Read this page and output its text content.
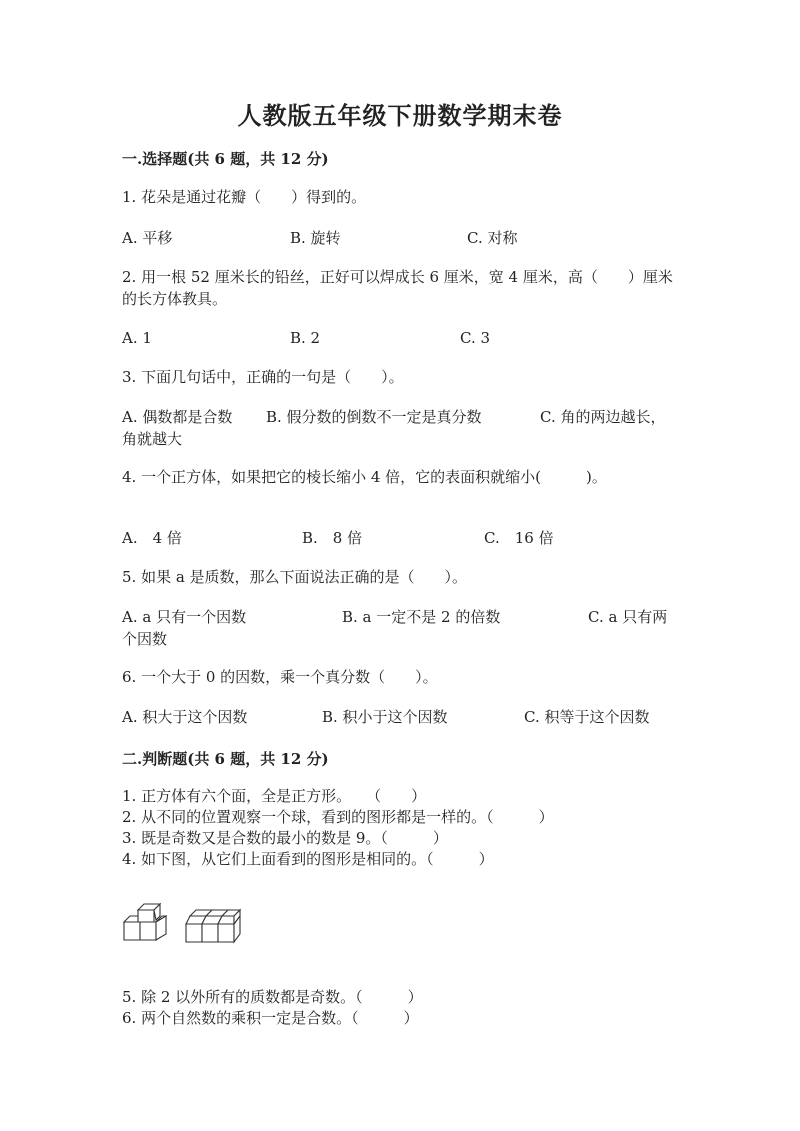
人教版五年级下册数学期末卷
一.选择题(共 6 题，共 12 分)
1. 花朵是通过花瓣（　　）得到的。
A. 平移	B. 旋转	C. 对称
2. 用一根 52 厘米长的铅丝，正好可以焊成长 6 厘米，宽 4 厘米，高（　　）厘米的长方体教具。
A. 1	B. 2	C. 3
3. 下面几句话中，正确的一句是（　　）。
A. 偶数都是合数 B. 假分数的倒数不一定是真分数	C. 角的两边越长，
角就越大
4. 一个正方体，如果把它的棱长缩小 4 倍，它的表面积就缩小(　　　)。
A.　4 倍	B.　8 倍	C.　16 倍
5. 如果 a 是质数，那么下面说法正确的是（　　）。
A. a 只有一个因数	B. a 一定不是 2 的倍数	C. a 只有两
个因数
6. 一个大于 0 的因数，乘一个真分数（　　）。
A. 积大于这个因数	B. 积小于这个因数	C. 积等于这个因数
二.判断题(共 6 题，共 12 分)
1. 正方体有六个面，全是正方形。　　（　　）
2. 从不同的位置观察一个球，看到的图形都是一样的。（　　　）
3. 既是奇数又是合数的最小的数是 9。（　　　）
4. 如下图，从它们上面看到的图形是相同的。（　　　）
5. 除 2 以外所有的质数都是奇数。（　　　）
6. 两个自然数的乘积一定是合数。（　　　）
